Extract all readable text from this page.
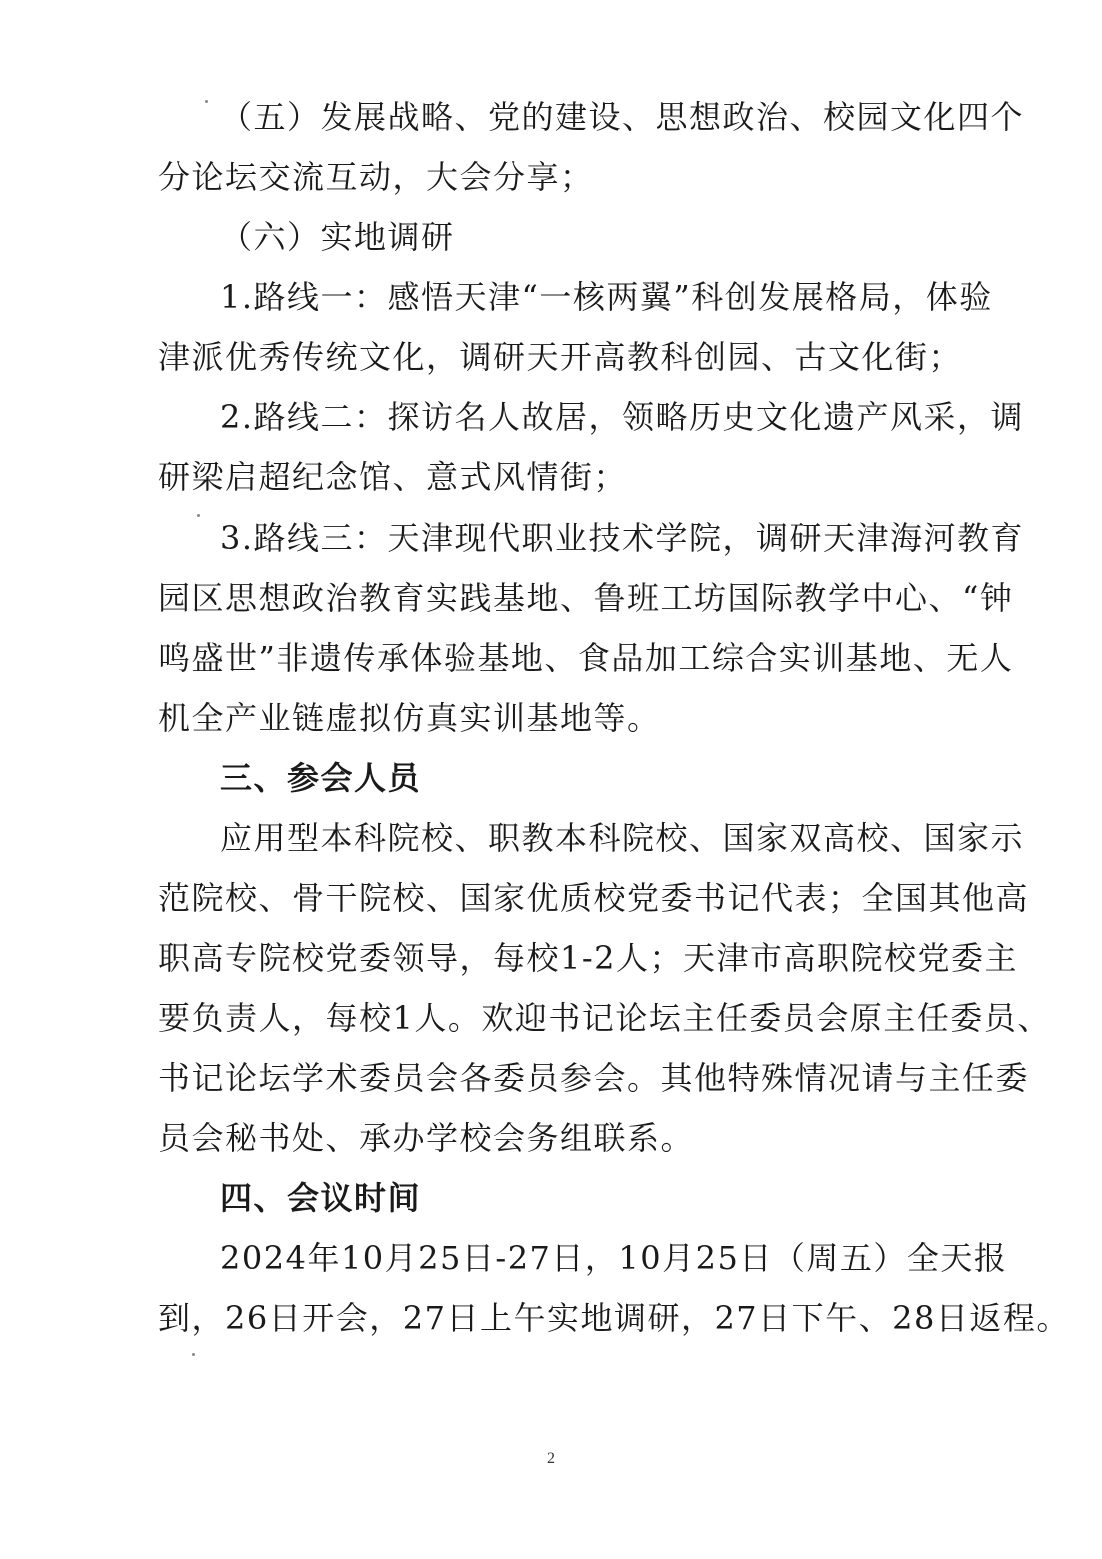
（五）发展战略、党的建设、思想政治、校园文化四个
分论坛交流互动，大会分享；
（六）实地调研
1.路线一：感悟天津“一核两翼”科创发展格局，体验
津派优秀传统文化，调研天开高教科创园、古文化街；
2.路线二：探访名人故居，领略历史文化遗产风采，调
研梁启超纪念馆、意式风情街；
3.路线三：天津现代职业技术学院，调研天津海河教育
园区思想政治教育实践基地、鲁班工坊国际教学中心、“钟
鸣盛世”非遗传承体验基地、食品加工综合实训基地、无人
机全产业链虚拟仿真实训基地等。
三、参会人员
应用型本科院校、职教本科院校、国家双高校、国家示
范院校、骨干院校、国家优质校党委书记代表；全国其他高
职高专院校党委领导，每校1-2人；天津市高职院校党委主
要负责人，每校1人。欢迎书记论坛主任委员会原主任委员、
书记论坛学术委员会各委员参会。其他特殊情况请与主任委
员会秘书处、承办学校会务组联系。
四、会议时间
2024年10月25日-27日，10月25日（周五）全天报
到，26日开会，27日上午实地调研，27日下午、28日返程。
2
